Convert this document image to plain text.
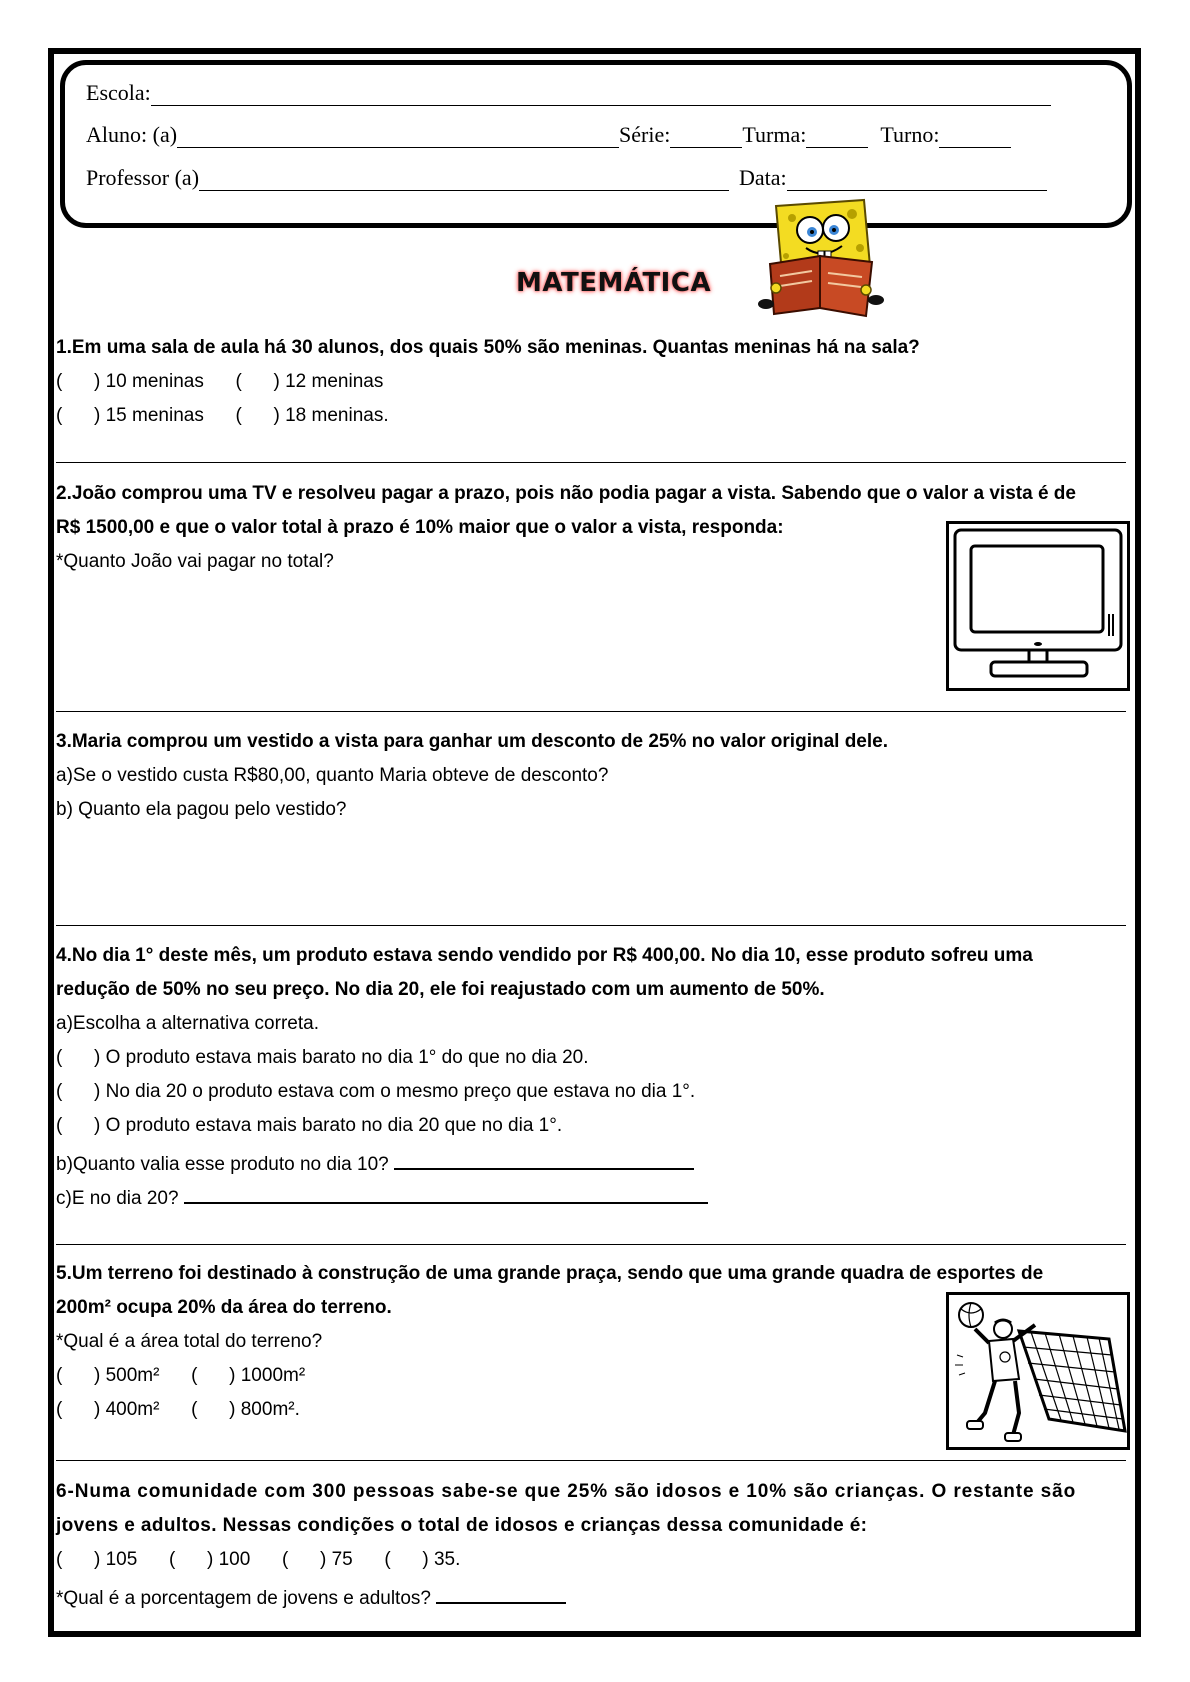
Escola:
Aluno: (a)	Série:	Turma:	Turno:
Professor (a)	Data:
MATEMÁTICA
1.Em uma sala de aula há 30 alunos, dos quais 50% são meninas. Quantas meninas há na sala?
(      ) 10 meninas      (      ) 12 meninas
(      ) 15 meninas      (      ) 18 meninas.
2.João comprou uma TV e resolveu pagar a prazo, pois não podia pagar a vista. Sabendo que o valor a vista é de
R$ 1500,00 e que o valor total à prazo é 10% maior que o valor a vista, responda:
*Quanto João vai pagar no total?
3.Maria comprou um vestido a vista para ganhar um desconto de 25% no valor original dele.
a)Se o vestido custa R$80,00, quanto Maria obteve de desconto?
b) Quanto ela pagou pelo vestido?
4.No dia 1° deste mês, um produto estava sendo vendido por R$ 400,00. No dia 10, esse produto sofreu uma
redução de 50% no seu preço. No dia 20, ele foi reajustado com um aumento de 50%.
a)Escolha a alternativa correta.
(      ) O produto estava mais barato no dia 1° do que no dia 20.
(      ) No dia 20 o produto estava com o mesmo preço que estava no dia 1°.
(      ) O produto estava mais barato no dia 20 que no dia 1°.
b)Quanto valia esse produto no dia 10?
c)E no dia 20?
5.Um terreno foi destinado à construção de uma grande praça, sendo que uma grande quadra de esportes de
200m² ocupa 20% da área do terreno.
*Qual é a área total do terreno?
(      ) 500m²      (      ) 1000m²
(      ) 400m²      (      ) 800m².
6-Numa comunidade com 300 pessoas sabe-se que 25% são idosos e 10% são crianças. O restante são
jovens e adultos. Nessas condições o total de idosos e crianças dessa comunidade é:
(      ) 105      (      ) 100      (      ) 75      (      ) 35.
*Qual é a porcentagem de jovens e adultos?
